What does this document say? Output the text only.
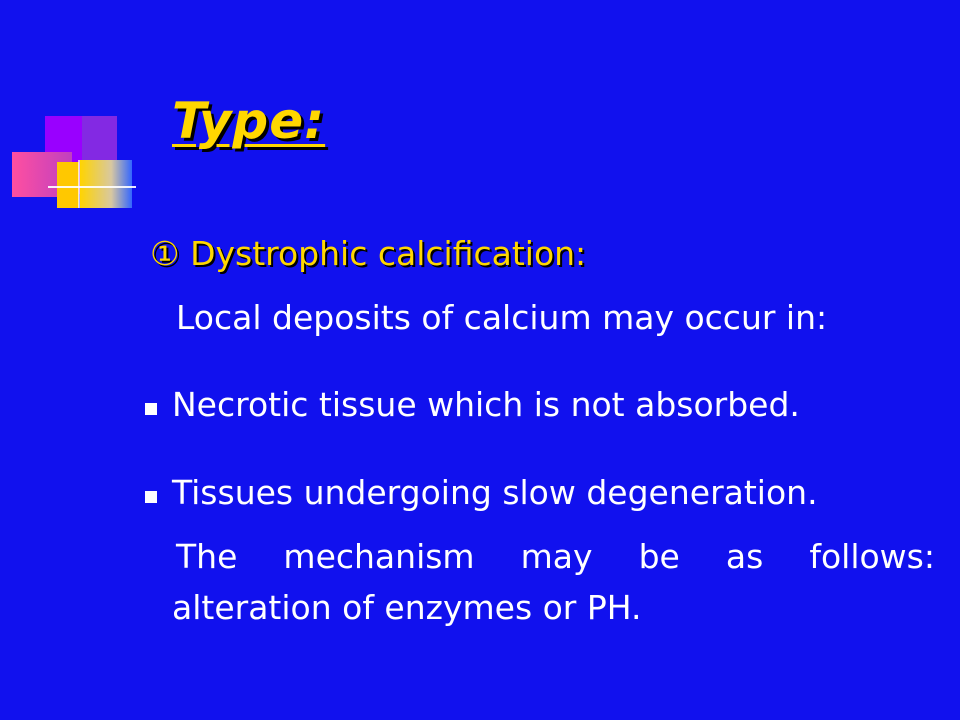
Type:
① Dystrophic calcification:
Local deposits of calcium may occur in:
Necrotic tissue which is not absorbed.
Tissues undergoing slow degeneration.
The mechanism may be as follows:
alteration of enzymes or PH.
